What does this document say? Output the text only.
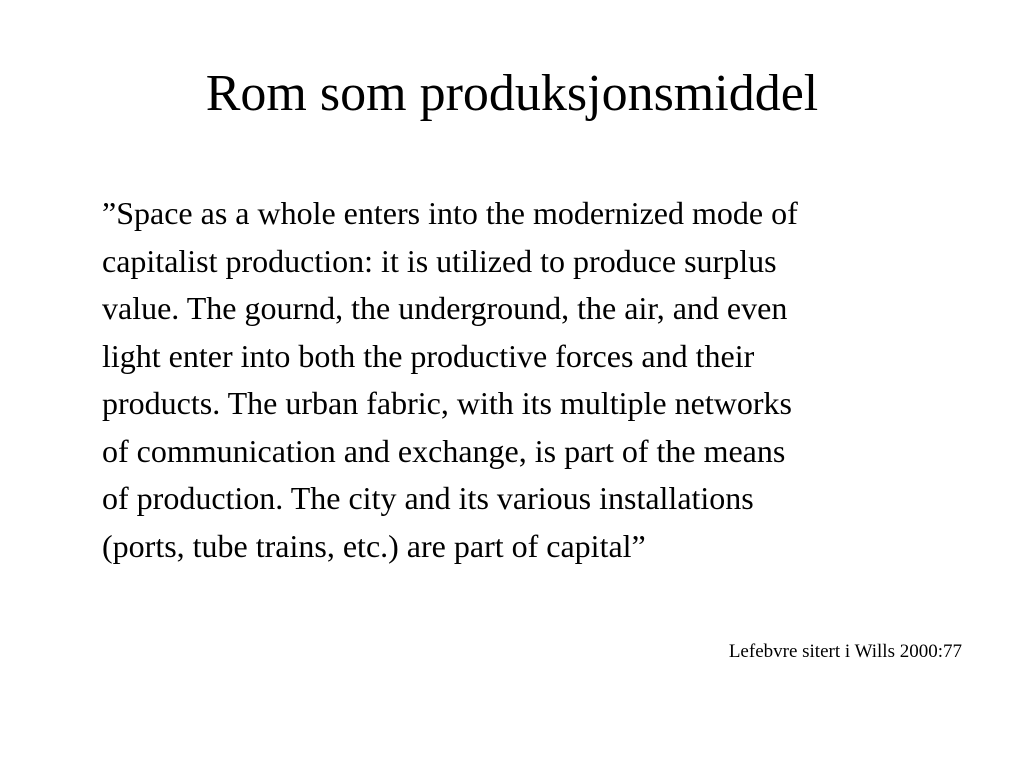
Rom som produksjonsmiddel
”Space as a whole enters into the modernized mode of
capitalist production: it is utilized to produce surplus
value. The gournd, the underground, the air, and even
light enter into both the productive forces and their
products. The urban fabric, with its multiple networks
of communication and exchange, is part of the means
of production. The city and its various installations
(ports, tube trains, etc.) are part of capital”
Lefebvre sitert i Wills 2000:77
